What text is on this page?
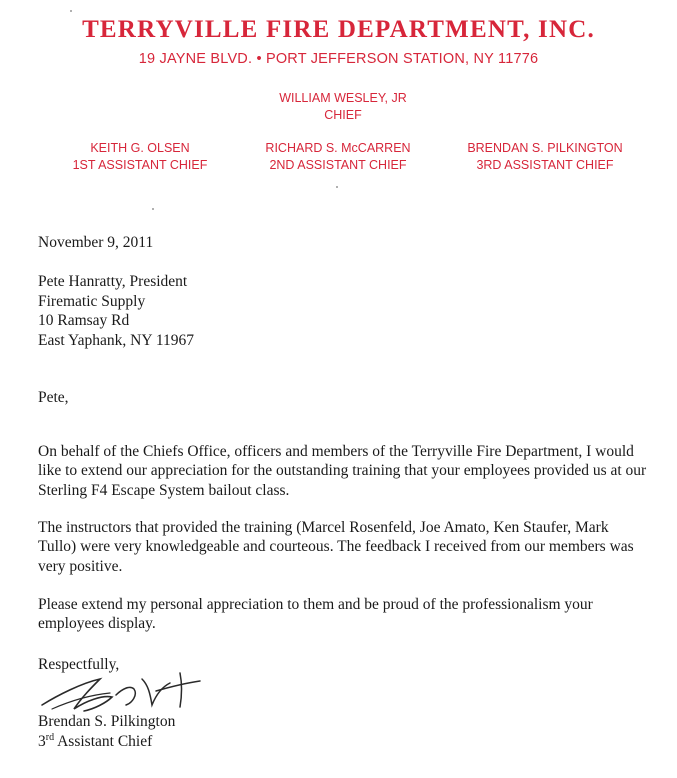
TERRYVILLE FIRE DEPARTMENT, INC.
19 JAYNE BLVD. • PORT JEFFERSON STATION, NY 11776
WILLIAM WESLEY, JR
CHIEF
KEITH G. OLSEN
1ST ASSISTANT CHIEF
RICHARD S. McCARREN
2ND ASSISTANT CHIEF
BRENDAN S. PILKINGTON
3RD ASSISTANT CHIEF
November 9, 2011
Pete Hanratty, President
Firematic Supply
10 Ramsay Rd
East Yaphank, NY 11967
Pete,

On behalf of the Chiefs Office, officers and members of the Terryville Fire Department, I would like to extend our appreciation for the outstanding training that your employees provided us at our Sterling F4 Escape System bailout class.

The instructors that provided the training (Marcel Rosenfeld, Joe Amato, Ken Staufer, Mark Tullo) were very knowledgeable and courteous. The feedback I received from our members was very positive.

Please extend my personal appreciation to them and be proud of the professionalism your employees display.

Respectfully,
Brendan S. Pilkington
3rd Assistant Chief
